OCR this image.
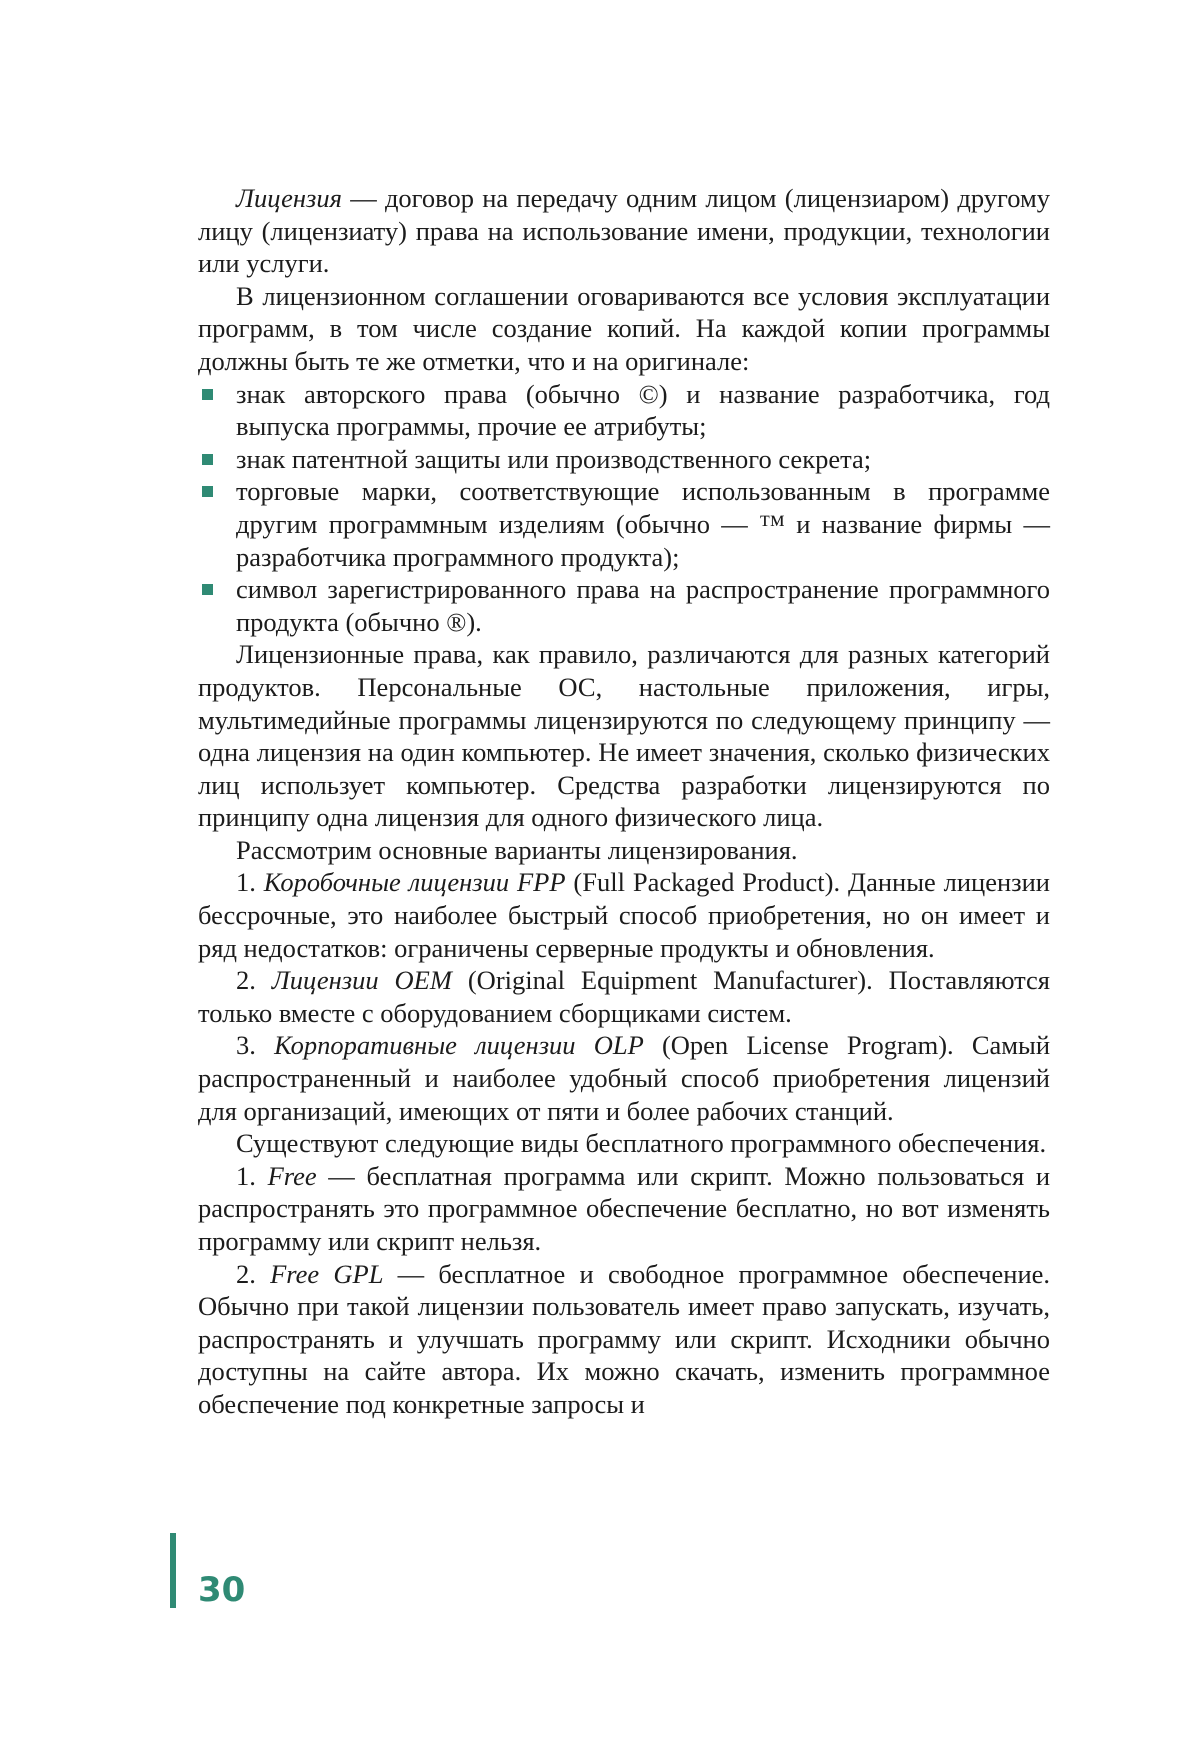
Лицензия — договор на передачу одним лицом (лицензиаром) другому лицу (лицензиату) права на использование имени, продукции, технологии или услуги.

В лицензионном соглашении оговариваются все условия эксплуатации программ, в том числе создание копий. На каждой копии программы должны быть те же отметки, что и на оригинале:

знак авторского права (обычно ©) и название разработчика, год выпуска программы, прочие ее атрибуты;
знак патентной защиты или производственного секрета;
торговые марки, соответствующие использованным в программе другим программным изделиям (обычно — ™ и название фирмы — разработчика программного продукта);
символ зарегистрированного права на распространение программного продукта (обычно ®).

Лицензионные права, как правило, различаются для разных категорий продуктов. Персональные ОС, настольные приложения, игры, мультимедийные программы лицензируются по следующему принципу — одна лицензия на один компьютер. Не имеет значения, сколько физических лиц использует компьютер. Средства разработки лицензируются по принципу одна лицензия для одного физического лица.

Рассмотрим основные варианты лицензирования.

1. Коробочные лицензии FPP (Full Packaged Product). Данные лицензии бессрочные, это наиболее быстрый способ приобретения, но он имеет и ряд недостатков: ограничены серверные продукты и обновления.

2. Лицензии OEM (Original Equipment Manufacturer). Поставляются только вместе с оборудованием сборщиками систем.

3. Корпоративные лицензии OLP (Open License Program). Самый распространенный и наиболее удобный способ приобретения лицензий для организаций, имеющих от пяти и более рабочих станций.

Существуют следующие виды бесплатного программного обеспечения.

1. Free — бесплатная программа или скрипт. Можно пользоваться и распространять это программное обеспечение бесплатно, но вот изменять программу или скрипт нельзя.

2. Free GPL — бесплатное и свободное программное обеспечение. Обычно при такой лицензии пользователь имеет право запускать, изучать, распространять и улучшать программу или скрипт. Исходники обычно доступны на сайте автора. Их можно скачать, изменить программное обеспечение под конкретные запросы и

30
